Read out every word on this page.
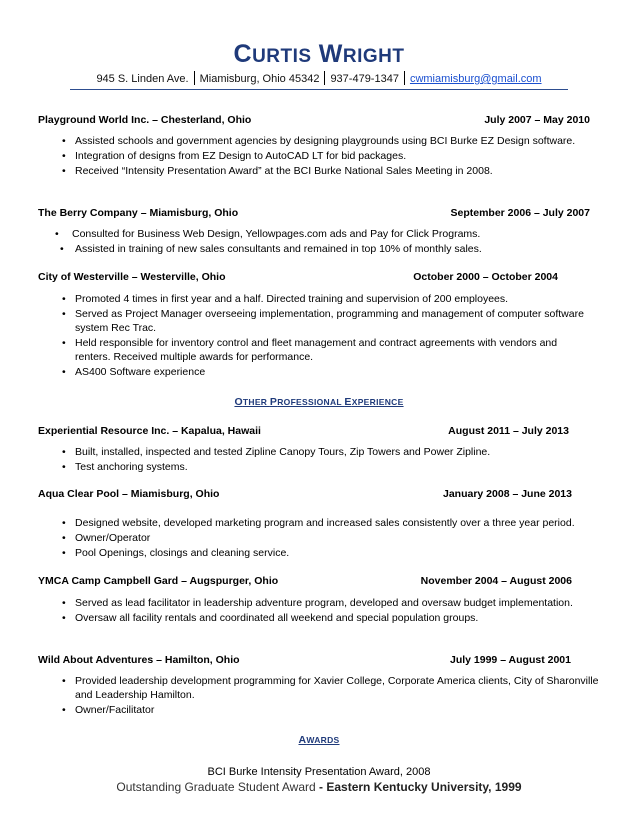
CURTIS WRIGHT
945 S. Linden Ave. Miamisburg, Ohio 45342 937-479-1347 cwmiamisburg@gmail.com
Playground World Inc. – Chesterland, Ohio	July 2007 – May 2010
• Assisted schools and government agencies by designing playgrounds using BCI Burke EZ Design software.
• Integration of designs from EZ Design to AutoCAD LT for bid packages.
• Received “Intensity Presentation Award” at the BCI Burke National Sales Meeting in 2008.
The Berry Company – Miamisburg, Ohio	September 2006 – July 2007
• Consulted for Business Web Design, Yellowpages.com ads and Pay for Click Programs.
• Assisted in training of new sales consultants and remained in top 10% of monthly sales.
City of Westerville – Westerville, Ohio	October 2000 – October 2004
• Promoted 4 times in first year and a half. Directed training and supervision of 200 employees.
• Served as Project Manager overseeing implementation, programming and management of computer software
system Rec Trac.
• Held responsible for inventory control and fleet management and contract agreements with vendors and
renters. Received multiple awards for performance.
• AS400 Software experience
OTHER PROFESSIONAL EXPERIENCE
Experiential Resource Inc. – Kapalua, Hawaii	August 2011 – July 2013
• Built, installed, inspected and tested Zipline Canopy Tours, Zip Towers and Power Zipline.
• Test anchoring systems.
Aqua Clear Pool – Miamisburg, Ohio	January 2008 – June 2013
• Designed website, developed marketing program and increased sales consistently over a three year period.
• Owner/Operator
• Pool Openings, closings and cleaning service.
YMCA Camp Campbell Gard – Augspurger, Ohio	November 2004 – August 2006
• Served as lead facilitator in leadership adventure program, developed and oversaw budget implementation.
• Oversaw all facility rentals and coordinated all weekend and special population groups.
Wild About Adventures – Hamilton, Ohio	July 1999 – August 2001
• Provided leadership development programming for Xavier College, Corporate America clients, City of Sharonville
and Leadership Hamilton.
• Owner/Facilitator
AWARDS
BCI Burke Intensity Presentation Award, 2008
Outstanding Graduate Student Award - Eastern Kentucky University, 1999
